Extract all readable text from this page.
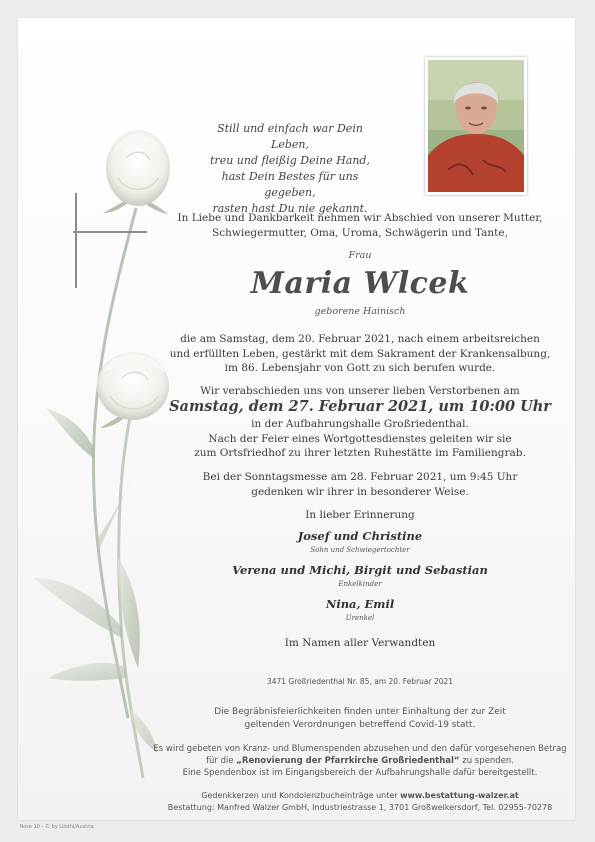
Still und einfach war Dein Leben,
treu und fleißig Deine Hand,
hast Dein Bestes für uns gegeben,
rasten hast Du nie gekannt.
In Liebe und Dankbarkeit nehmen wir Abschied von unserer Mutter,
Schwiegermutter, Oma, Uroma, Schwägerin und Tante,
Frau
Maria Wlcek
geborene Hainisch
die am Samstag, dem 20. Februar 2021, nach einem arbeitsreichen
und erfüllten Leben, gestärkt mit dem Sakrament der Krankensalbung,
im 86. Lebensjahr von Gott zu sich berufen wurde.
Wir verabschieden uns von unserer lieben Verstorbenen am
Samstag, dem 27. Februar 2021, um 10:00 Uhr
in der Aufbahrungshalle Großriedenthal.
Nach der Feier eines Wortgottesdienstes geleiten wir sie
zum Ortsfriedhof zu ihrer letzten Ruhestätte im Familiengrab.
Bei der Sonntagsmesse am 28. Februar 2021, um 9:45 Uhr
gedenken wir ihrer in besonderer Weise.
In lieber Erinnerung
Josef und Christine
Sohn und Schwiegertochter
Verena und Michi, Birgit und Sebastian
Enkelkinder
Nina, Emil
Urenkel
Im Namen aller Verwandten
3471 Großriedenthal Nr. 85, am 20. Februar 2021
Die Begräbnisfeierlichkeiten finden unter Einhaltung der zur Zeit
geltenden Verordnungen betreffend Covid-19 statt.
Es wird gebeten von Kranz- und Blumenspenden abzusehen und den dafür vorgesehenen Betrag
für die „Renovierung der Pfarrkirche Großriedenthal“ zu spenden.
Eine Spendenbox ist im Eingangsbereich der Aufbahrungshalle dafür bereitgestellt.
Gedenkkerzen und Kondolenzbucheinträge unter www.bestattung-walzer.at
Bestattung: Manfred Walzer GmbH, Industriestrasse 1, 3701 Großweikersdorf, Tel. 02955-70278
Rose 10 - © by Lilothi/Austria
